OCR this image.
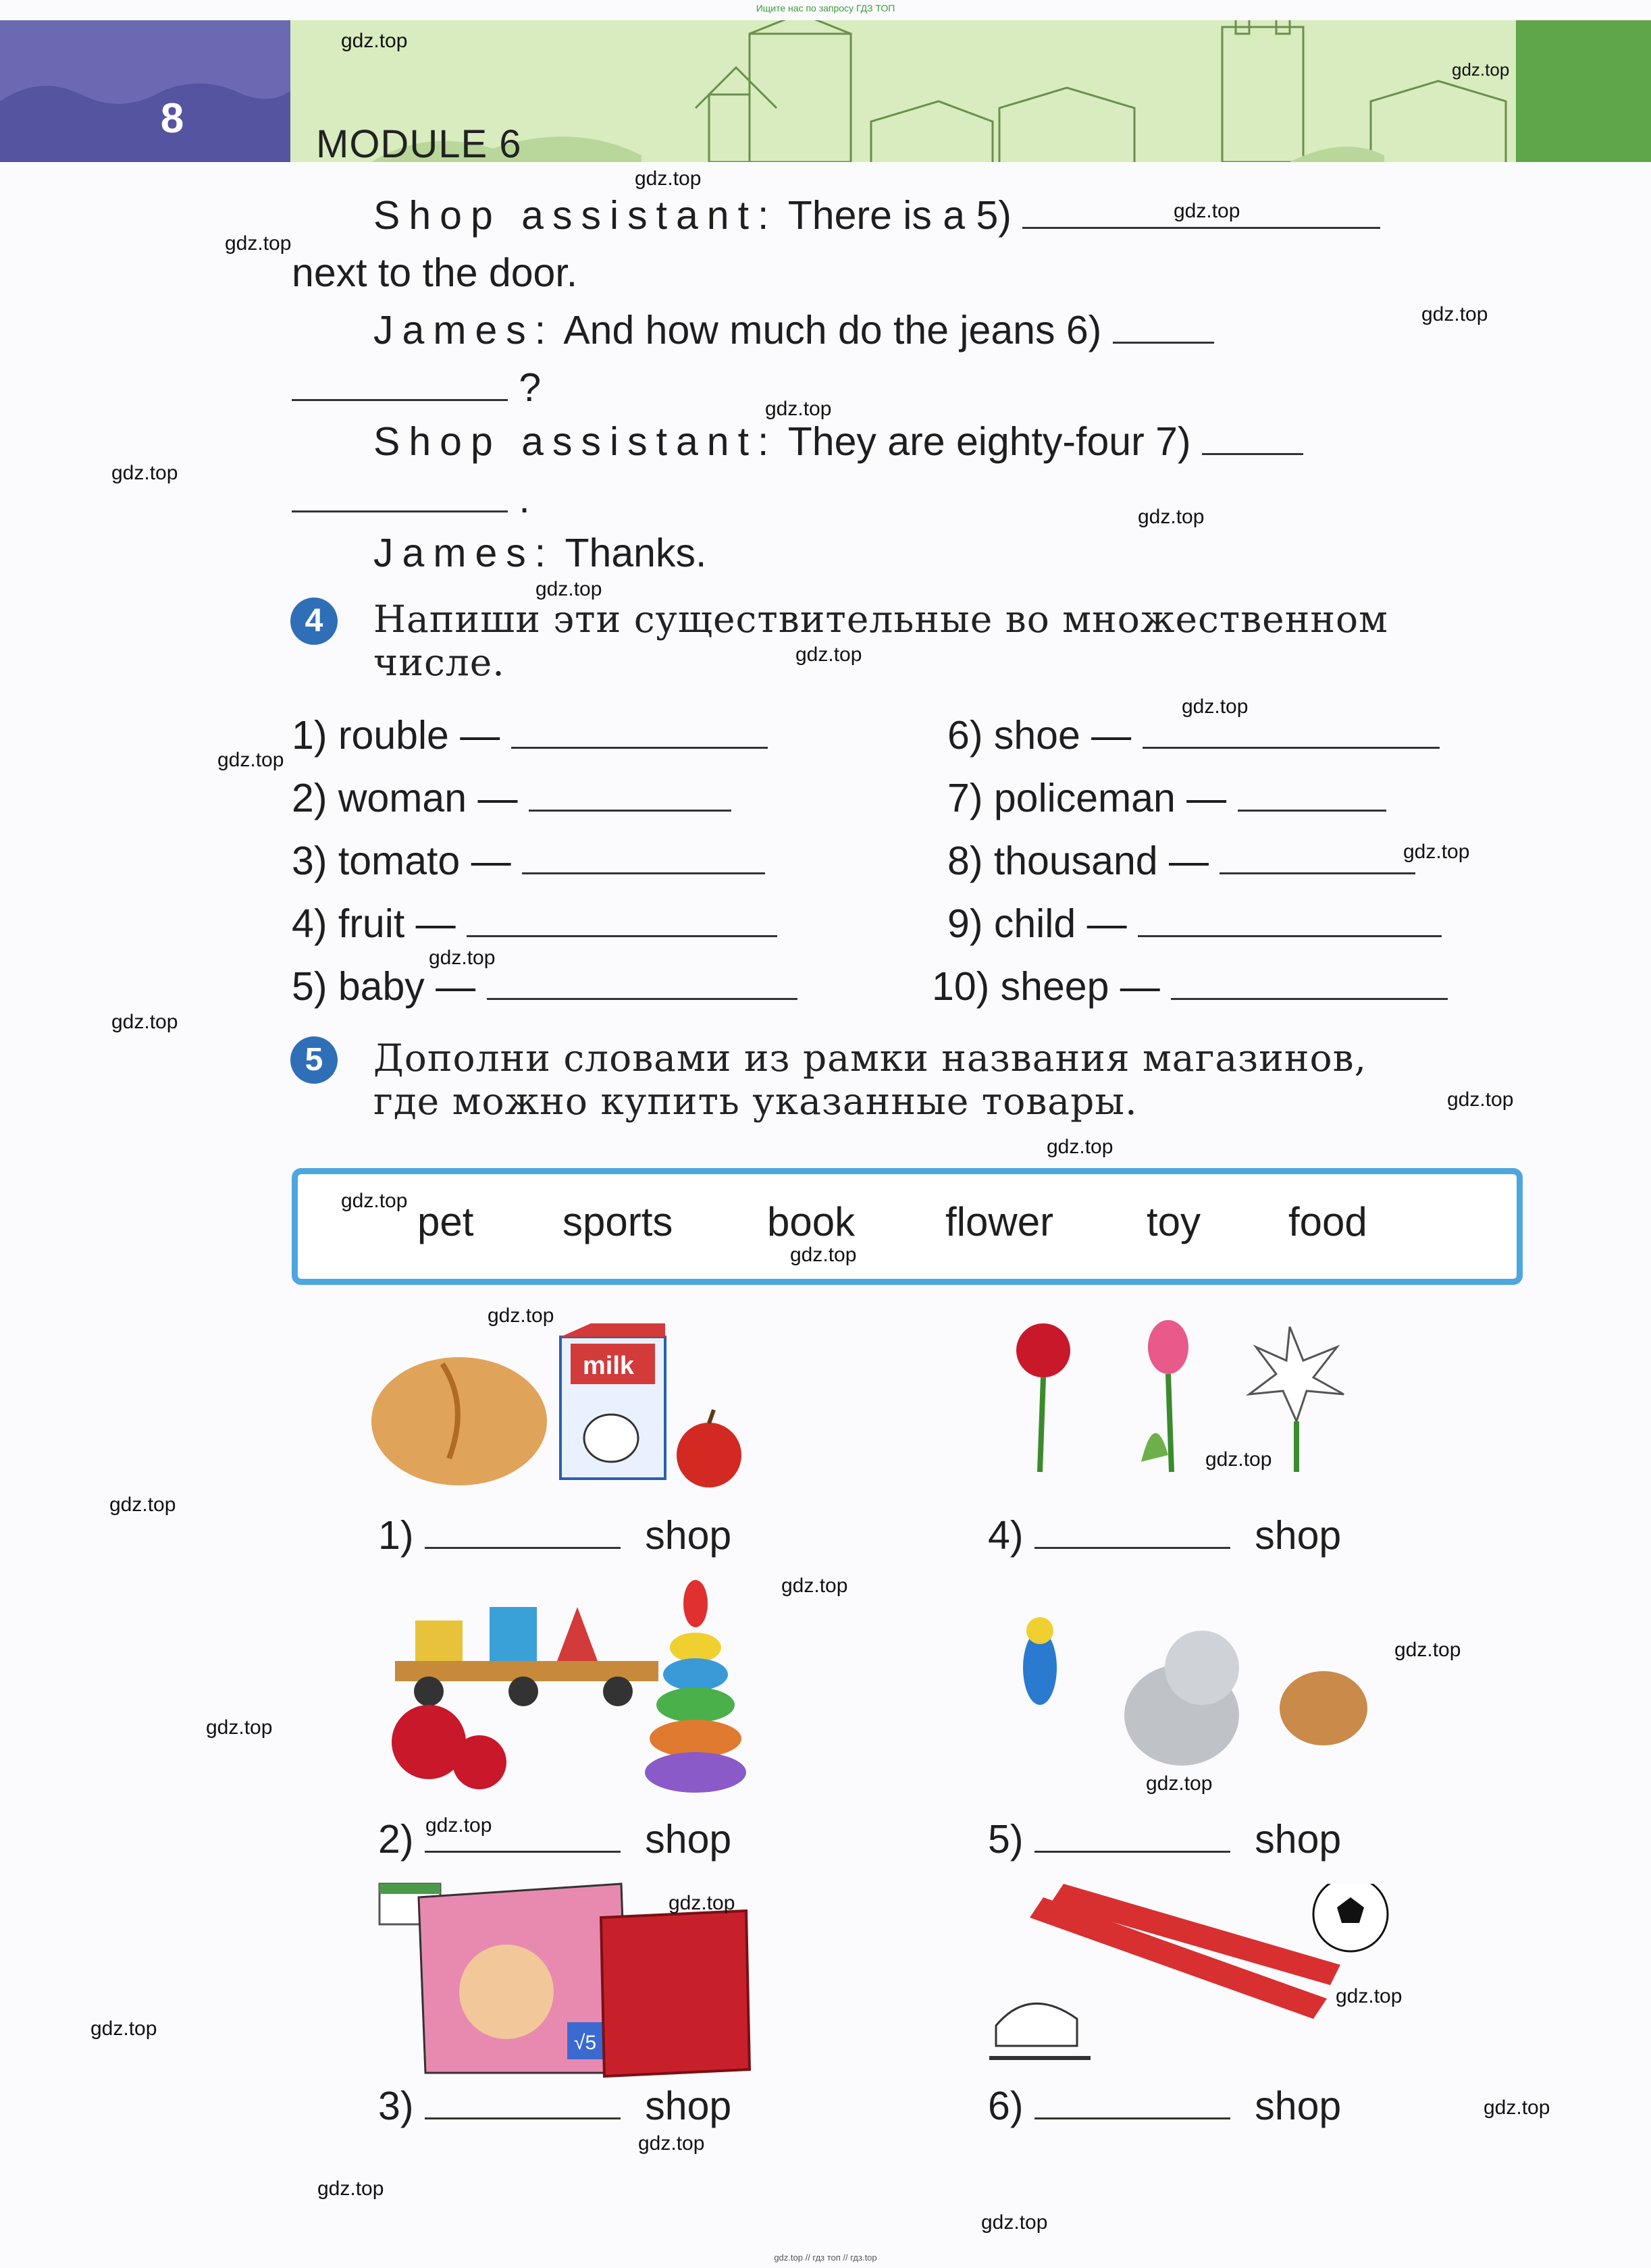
Ищите нас по запросу ГДЗ ТОП
8
MODULE 6
Shop assistant: There is a 5)
next to the door.
James: And how much do the jeans 6)
?
Shop assistant: They are eighty-four 7)
.
James: Thanks.
4	Напиши эти существительные во множественном
числе.
1) rouble —
2) woman —
3) tomato —
4) fruit —
5) baby —
6) shoe —
7) policeman —
8) thousand —
9) child —
10) sheep —
5	Дополни словами из рамки названия магазинов,
где можно купить указанные товары.
pet sports book flower toy food
milk
√5
1)	shop	4)	shop
2)	shop	5)	shop
3)	shop	6)	shop
gdz.top
gdz.top
gdz.top
gdz.top
gdz.top
gdz.top
gdz.top
gdz.top
gdz.top
gdz.top
gdz.top
gdz.top
gdz.top
gdz.top
gdz.top
gdz.top
gdz.top
gdz.top
gdz.top
gdz.top
gdz.top
gdz.top
gdz.top
gdz.top
gdz.top
gdz.top
gdz.top
gdz.top
gdz.top
gdz.top
gdz.top
gdz.top
gdz.top
gdz.top
gdz.top
gdz.top // гдз топ // гдз.top
